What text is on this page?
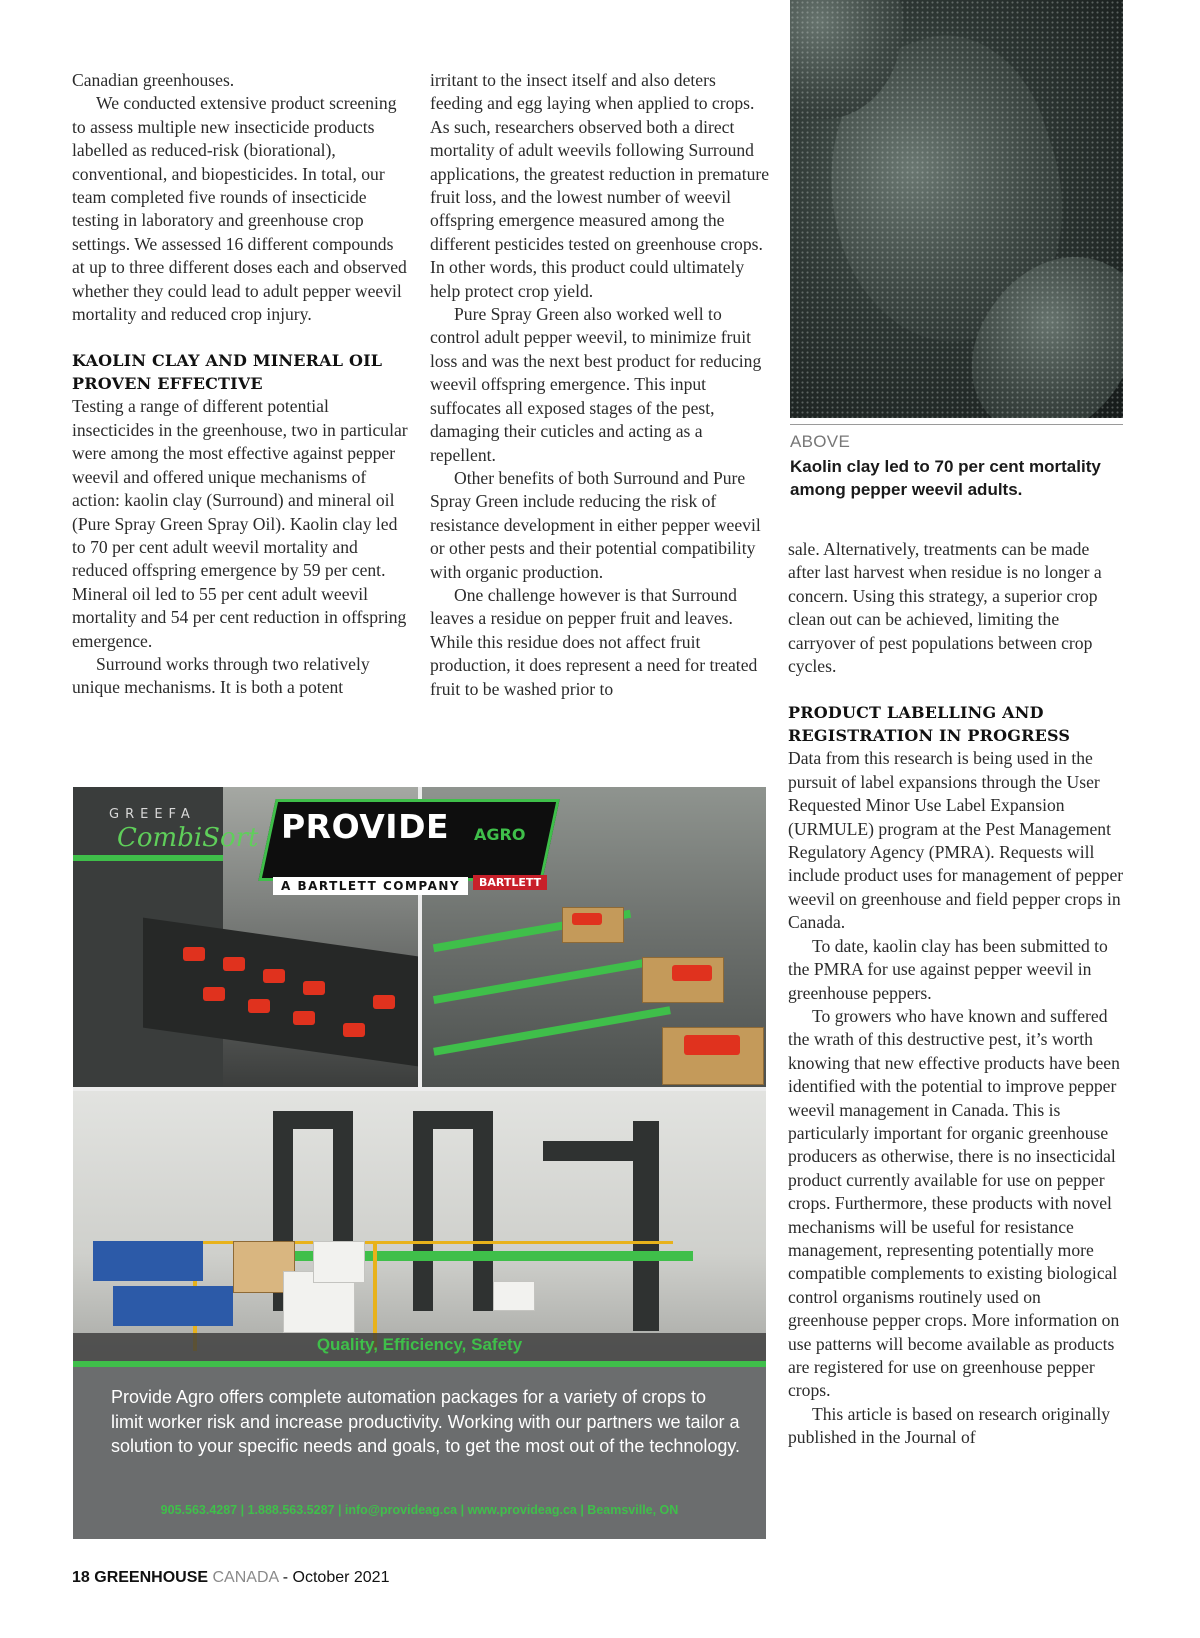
Canadian greenhouses.

We conducted extensive product screening to assess multiple new insecticide products labelled as reduced-risk (biorational), conventional, and biopesticides. In total, our team completed five rounds of insecticide testing in laboratory and greenhouse crop settings. We assessed 16 different compounds at up to three different doses each and observed whether they could lead to adult pepper weevil mortality and reduced crop injury.

KAOLIN CLAY AND MINERAL OIL PROVEN EFFECTIVE

Testing a range of different potential insecticides in the greenhouse, two in particular were among the most effective against pepper weevil and offered unique mechanisms of action: kaolin clay (Surround) and mineral oil (Pure Spray Green Spray Oil). Kaolin clay led to 70 per cent adult weevil mortality and reduced offspring emergence by 59 per cent. Mineral oil led to 55 per cent adult weevil mortality and 54 per cent reduction in offspring emergence.

Surround works through two relatively unique mechanisms. It is both a potent

irritant to the insect itself and also deters feeding and egg laying when applied to crops. As such, researchers observed both a direct mortality of adult weevils following Surround applications, the greatest reduction in premature fruit loss, and the lowest number of weevil offspring emergence measured among the different pesticides tested on greenhouse crops. In other words, this product could ultimately help protect crop yield.

Pure Spray Green also worked well to control adult pepper weevil, to minimize fruit loss and was the next best product for reducing weevil offspring emergence. This input suffocates all exposed stages of the pest, damaging their cuticles and acting as a repellent.

Other benefits of both Surround and Pure Spray Green include reducing the risk of resistance development in either pepper weevil or other pests and their potential compatibility with organic production.

One challenge however is that Surround leaves a residue on pepper fruit and leaves. While this residue does not affect fruit production, it does represent a need for treated fruit to be washed prior to

ABOVE
Kaolin clay led to 70 per cent mortality among pepper weevil adults.

sale. Alternatively, treatments can be made after last harvest when residue is no longer a concern. Using this strategy, a superior crop clean out can be achieved, limiting the carryover of pest populations between crop cycles.

PRODUCT LABELLING AND REGISTRATION IN PROGRESS

Data from this research is being used in the pursuit of label expansions through the User Requested Minor Use Label Expansion (URMULE) program at the Pest Management Regulatory Agency (PMRA). Requests will include product uses for management of pepper weevil on greenhouse and field pepper crops in Canada.

To date, kaolin clay has been submitted to the PMRA for use against pepper weevil in greenhouse peppers.

To growers who have known and suffered the wrath of this destructive pest, it’s worth knowing that new effective products have been identified with the potential to improve pepper weevil management in Canada. This is particularly important for organic greenhouse producers as otherwise, there is no insecticidal product currently available for use on pepper crops. Furthermore, these products with novel mechanisms will be useful for resistance management, representing potentially more compatible complements to existing biological control organisms routinely used on greenhouse pepper crops. More information on use patterns will become available as products are registered for use on greenhouse pepper crops.

This article is based on research originally published in the Journal of

GREEFA
CombiSort PROVIDE AGRO
A BARTLETT COMPANY	BARTLETT
Quality, Efficiency, Safety
Provide Agro offers complete automation packages for a variety of crops to limit worker risk and increase productivity. Working with our partners we tailor a solution to your specific needs and goals, to get the most out of the technology.
905.563.4287 | 1.888.563.5287 | info@provideag.ca | www.provideag.ca | Beamsville, ON
18 GREENHOUSE CANADA - October 2021
